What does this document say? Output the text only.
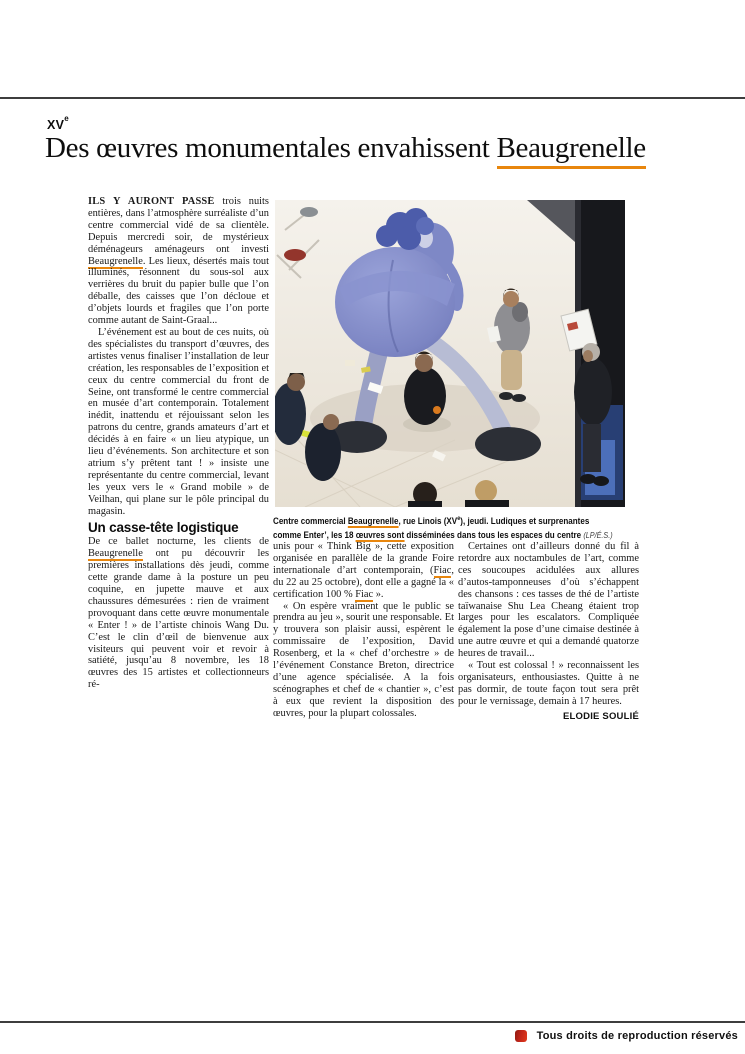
XVe
Des œuvres monumentales envahissent Beaugrenelle

ILS Y AURONT PASSÉ trois nuits entières, dans l’atmosphère surréaliste d’un centre commercial vidé de sa clientèle. Depuis mercredi soir, de mystérieux déménageurs aménageurs ont investi Beaugrenelle. Les lieux, désertés mais tout illuminés, résonnent du sous-sol aux verrières du bruit du papier bulle que l’on déballe, des caisses que l’on décloue et d’objets lourds et fragiles que l’on porte comme autant de Saint-Graal...

L’événement est au bout de ces nuits, où des spécialistes du transport d’œuvres, des artistes venus finaliser l’installation de leur création, les responsables de l’exposition et ceux du centre commercial du front de Seine, ont transformé le centre commercial en musée d’art contemporain. Totalement inédit, inattendu et réjouissant selon les patrons du centre, grands amateurs d’art et décidés à en faire « un lieu atypique, un lieu d’événements. Son architecture et son atrium s’y prêtent tant ! » insiste une représentante du centre commercial, levant les yeux vers le « Grand mobile » de Veilhan, qui plane sur le pôle principal du magasin.

Un casse-tête logistique

De ce ballet nocturne, les clients de Beaugrenelle ont pu découvrir les premières installations dès jeudi, comme cette grande dame à la posture un peu coquine, en jupette mauve et aux chaussures démesurées : rien de vraiment provoquant dans cette œuvre monumentale « Enter ! » de l’artiste chinois Wang Du. C’est le clin d’œil de bienvenue aux visiteurs qui peuvent voir et revoir à satiété, jusqu’au 8 novembre, les 18 œuvres des 15 artistes et collectionneurs ré-

Centre commercial Beaugrenelle, rue Linois (XVe), jeudi. Ludiques et surprenantes
comme Enter’, les 18 œuvres sont disséminées dans tous les espaces du centre (LP/É.S.)

unis pour « Think Big », cette exposition organisée en parallèle de la grande Foire internationale d’art contemporain, (Fiac, du 22 au 25 octobre), dont elle a gagné la « certification 100 % Fiac ».

« On espère vraiment que le public se prendra au jeu », sourit une responsable. Et y trouvera son plaisir aussi, espèrent le commissaire de l’exposition, David Rosenberg, et la « chef d’orchestre » de l’événement Constance Breton, directrice d’une agence spécialisée. A la fois scénographes et chef de « chantier », c’est à eux que revient la disposition des œuvres, pour la plupart colossales.

Certaines ont d’ailleurs donné du fil à retordre aux noctambules de l’art, comme ces soucoupes acidulées aux allures d’autos-tamponneuses d’où s’échappent des chansons : ces tasses de thé de l’artiste taïwanaise Shu Lea Cheang étaient trop larges pour les escalators. Compliquée également la pose d’une cimaise destinée à une autre œuvre et qui a demandé quatorze heures de travail...

« Tout est colossal ! » reconnaissent les organisateurs, enthousiastes. Quitte à ne pas dormir, de toute façon tout sera prêt pour le vernissage, demain à 17 heures.

ELODIE SOULIÉ

Tous droits de reproduction réservés
